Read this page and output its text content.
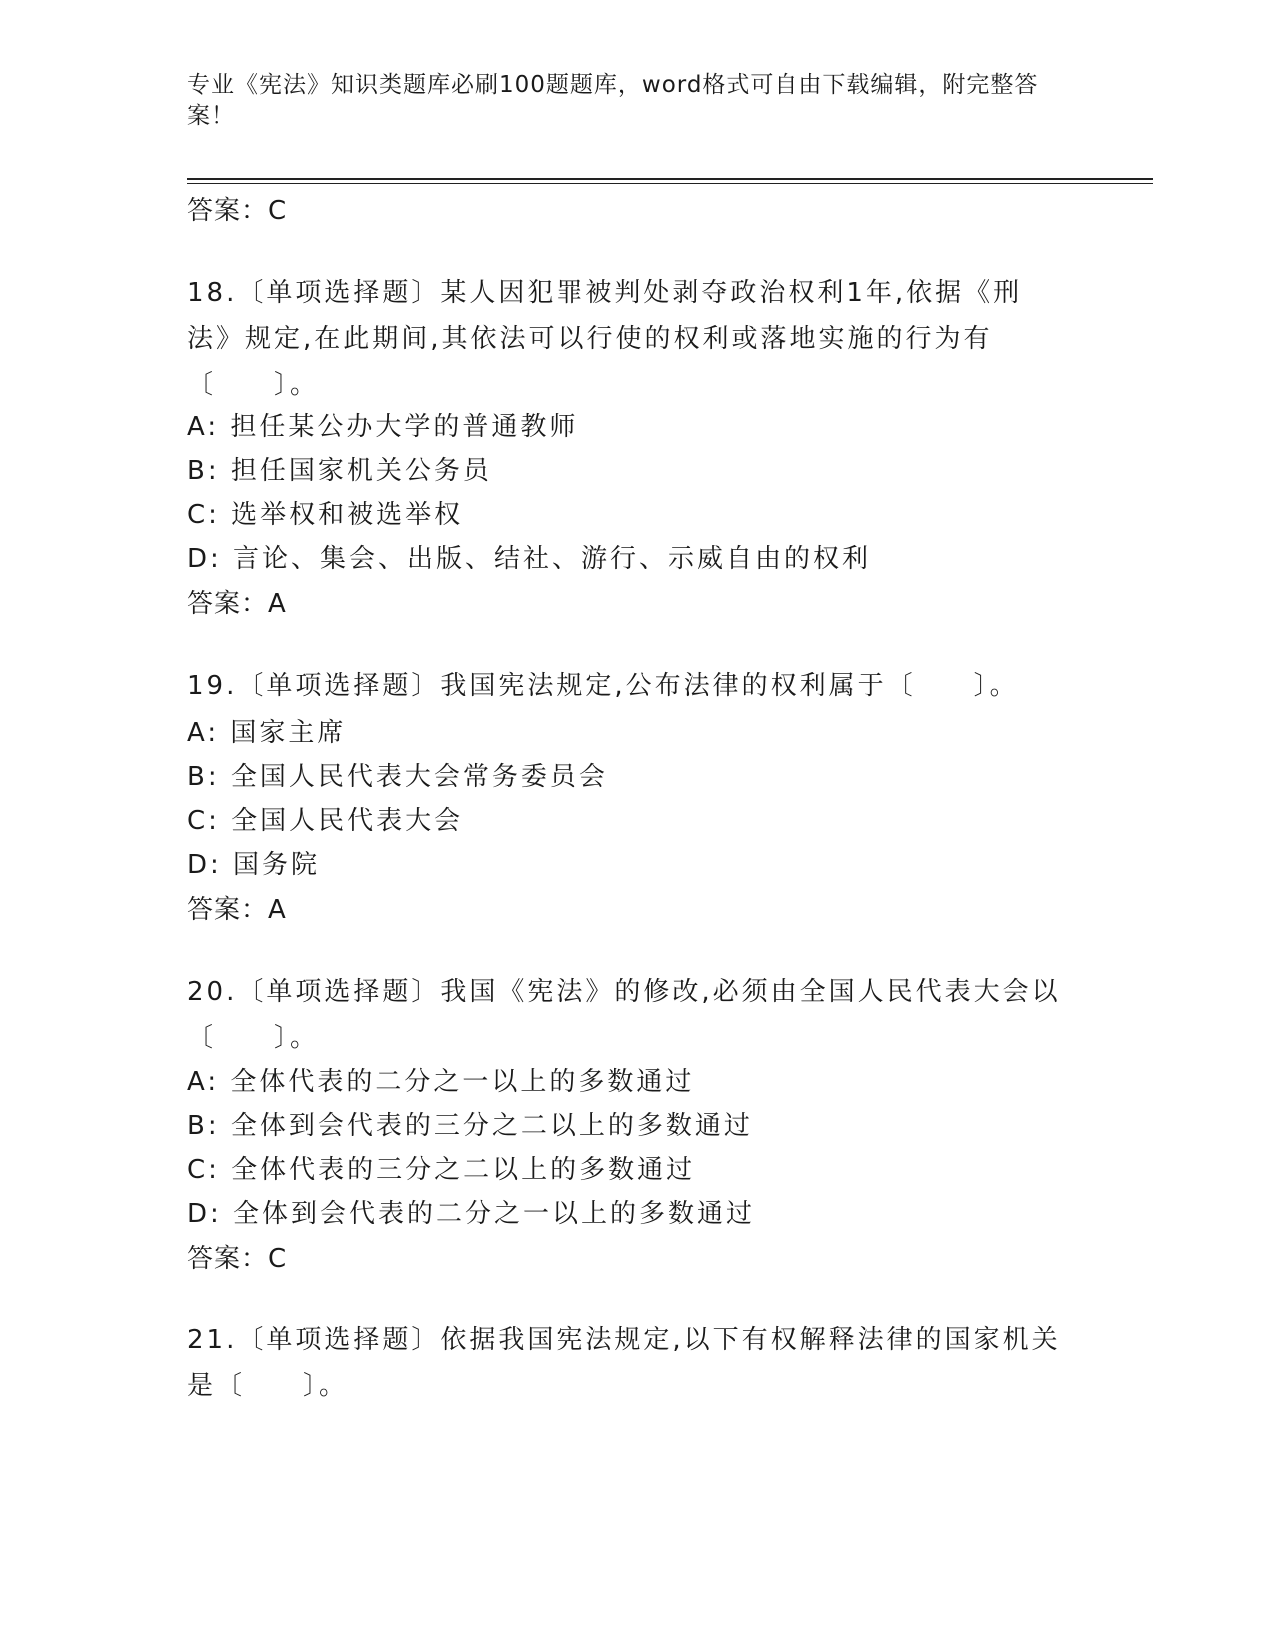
专业《宪法》知识类题库必刷100题题库，word格式可自由下载编辑，附完整答案！
答案：C
18.〔单项选择题〕某人因犯罪被判处剥夺政治权利1年,依据《刑法》规定,在此期间,其依法可以行使的权利或落地实施的行为有〔　　〕。
A: 担任某公办大学的普通教师
B: 担任国家机关公务员
C: 选举权和被选举权
D: 言论、集会、出版、结社、游行、示威自由的权利
答案：A
19.〔单项选择题〕我国宪法规定,公布法律的权利属于〔　　〕。
A: 国家主席
B: 全国人民代表大会常务委员会
C: 全国人民代表大会
D: 国务院
答案：A
20.〔单项选择题〕我国《宪法》的修改,必须由全国人民代表大会以〔　　〕。
A: 全体代表的二分之一以上的多数通过
B: 全体到会代表的三分之二以上的多数通过
C: 全体代表的三分之二以上的多数通过
D: 全体到会代表的二分之一以上的多数通过
答案：C
21.〔单项选择题〕依据我国宪法规定,以下有权解释法律的国家机关是〔　　〕。
